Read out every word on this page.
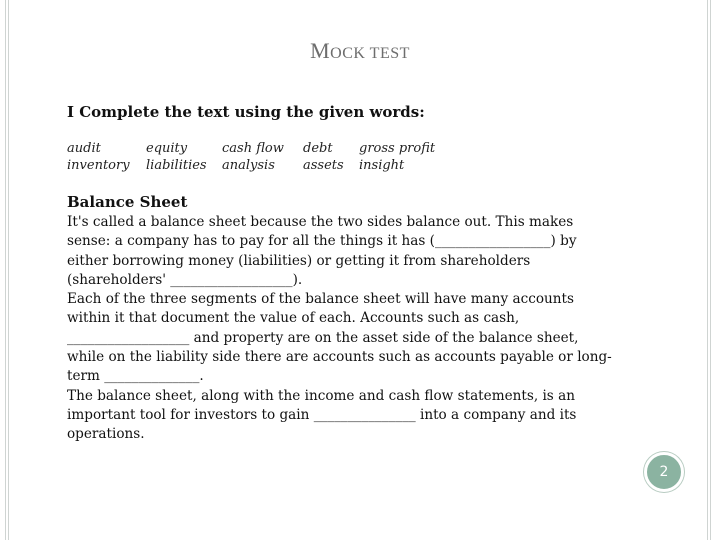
MOCK TEST
I Complete the text using the given words:
audit
inventory
equity
liabilities
cash flow
analysis
debt
assets
gross profit
insight
Balance Sheet
It's called a balance sheet because the two sides balance out. This makes
sense: a company has to pay for all the things it has (_________________) by
either borrowing money (liabilities) or getting it from shareholders
(shareholders' __________________).
Each of the three segments of the balance sheet will have many accounts
within it that document the value of each. Accounts such as cash,
__________________ and property are on the asset side of the balance sheet,
while on the liability side there are accounts such as accounts payable or long-
term ______________.
The balance sheet, along with the income and cash flow statements, is an
important tool for investors to gain _______________ into a company and its
operations.
2
